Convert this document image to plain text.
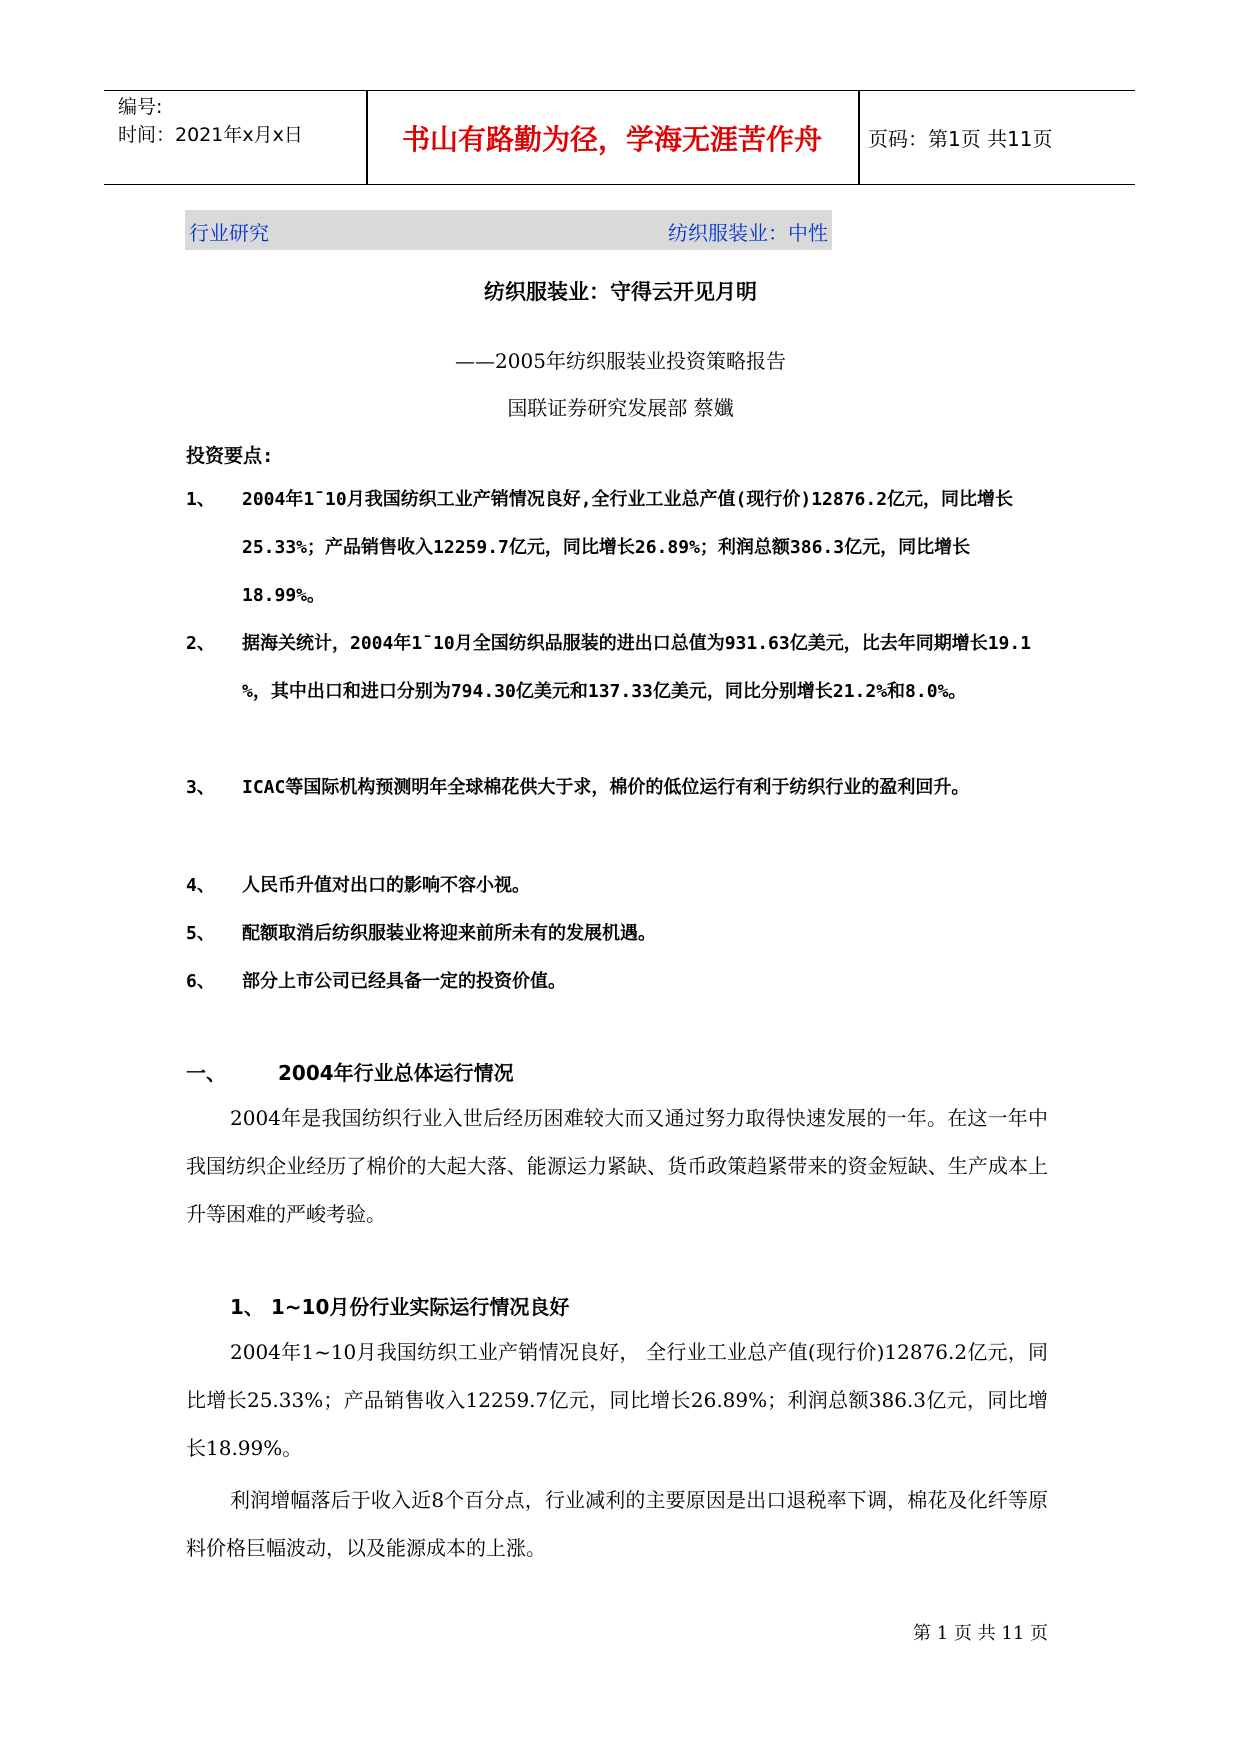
编号:
时间：2021年x月x日	书山有路勤为径，学海无涯苦作舟	页码：第1页 共11页
行业研究	纺织服装业：中性
纺织服装业：守得云开见月明
——2005年纺织服装业投资策略报告
国联证券研究发展部 蔡孅
投资要点:
1、 2004年1¯10月我国纺织工业产销情况良好,全行业工业总产值(现行价)12876.2亿元，同比增长25.33%；产品销售收入12259.7亿元，同比增长26.89%；利润总额386.3亿元，同比增长18.99%。
2、 据海关统计，2004年1¯10月全国纺织品服装的进出口总值为931.63亿美元，比去年同期增长19.1 %，其中出口和进口分别为794.30亿美元和137.33亿美元，同比分别增长21.2%和8.0%。
3、 ICAC等国际机构预测明年全球棉花供大于求，棉价的低位运行有利于纺织行业的盈利回升。
4、 人民币升值对出口的影响不容小视。
5、 配额取消后纺织服装业将迎来前所未有的发展机遇。
6、 部分上市公司已经具备一定的投资价值。
一、	2004年行业总体运行情况
2004年是我国纺织行业入世后经历困难较大而又通过努力取得快速发展的一年。在这一年中我国纺织企业经历了棉价的大起大落、能源运力紧缺、货币政策趋紧带来的资金短缺、生产成本上升等困难的严峻考验。
1、 1~10月份行业实际运行情况良好
2004年1~10月我国纺织工业产销情况良好， 全行业工业总产值(现行价)12876.2亿元，同比增长25.33%；产品销售收入12259.7亿元，同比增长26.89%；利润总额386.3亿元，同比增长18.99%。
利润增幅落后于收入近8个百分点，行业减利的主要原因是出口退税率下调，棉花及化纤等原料价格巨幅波动，以及能源成本的上涨。
第 1 页 共 11 页
